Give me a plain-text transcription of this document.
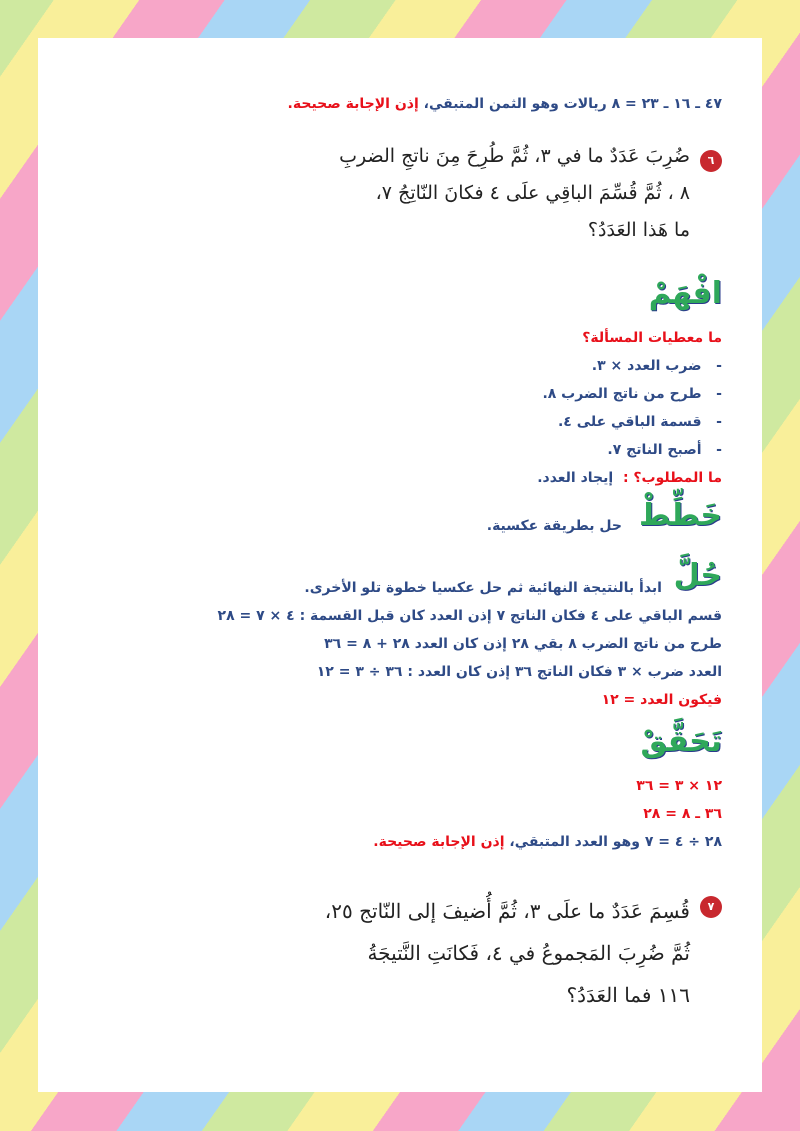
٤٧ ـ ١٦ ـ ٢٣ = ٨ ريالات وهو الثمن المتبقي، إذن الإجابة صحيحة.
٦
ضُرِبَ عَدَدٌ ما في ٣، ثُمَّ طُرِحَ مِنَ ناتجِ الضربِ
٨ ، ثُمَّ قُسِّمَ الباقِي علَى ٤ فكانَ النّاتِجُ ٧،
ما هَذا العَدَدُ؟
افْهَمْ
ما معطيات المسألة؟
-   ضرب العدد × ٣.
-   طرح من ناتج الضرب ٨.
-   قسمة الباقي على ٤.
-   أصبح الناتج ٧.
ما المطلوب؟ :  إيجاد العدد.
خَطِّطْ
حل بطريقة عكسية.
حُلَّ
ابدأ بالنتيجة النهائية ثم حل عكسيا خطوة تلو الأخرى.
قسم الباقي على ٤ فكان الناتج ٧ إذن العدد كان قبل القسمة : ٤ × ٧ = ٢٨
طرح من ناتج الضرب ٨ بقي ٢٨ إذن كان العدد ٢٨ + ٨ = ٣٦
العدد ضرب × ٣ فكان الناتج ٣٦ إذن كان العدد : ٣٦ ÷ ٣ = ١٢
فيكون العدد = ١٢
تَحَقَّقْ
١٢ × ٣ = ٣٦
٣٦ ـ ٨ = ٢٨
٢٨ ÷ ٤ = ٧ وهو العدد المتبقي، إذن الإجابة صحيحة.
٧
قُسِمَ عَدَدٌ ما علَى ٣، ثُمَّ أُضيفَ إلى النّاتج ٢٥،
ثُمَّ ضُرِبَ المَجموعُ في ٤، فَكانَتِ النَّتيجَةُ
١١٦ فما العَدَدُ؟
